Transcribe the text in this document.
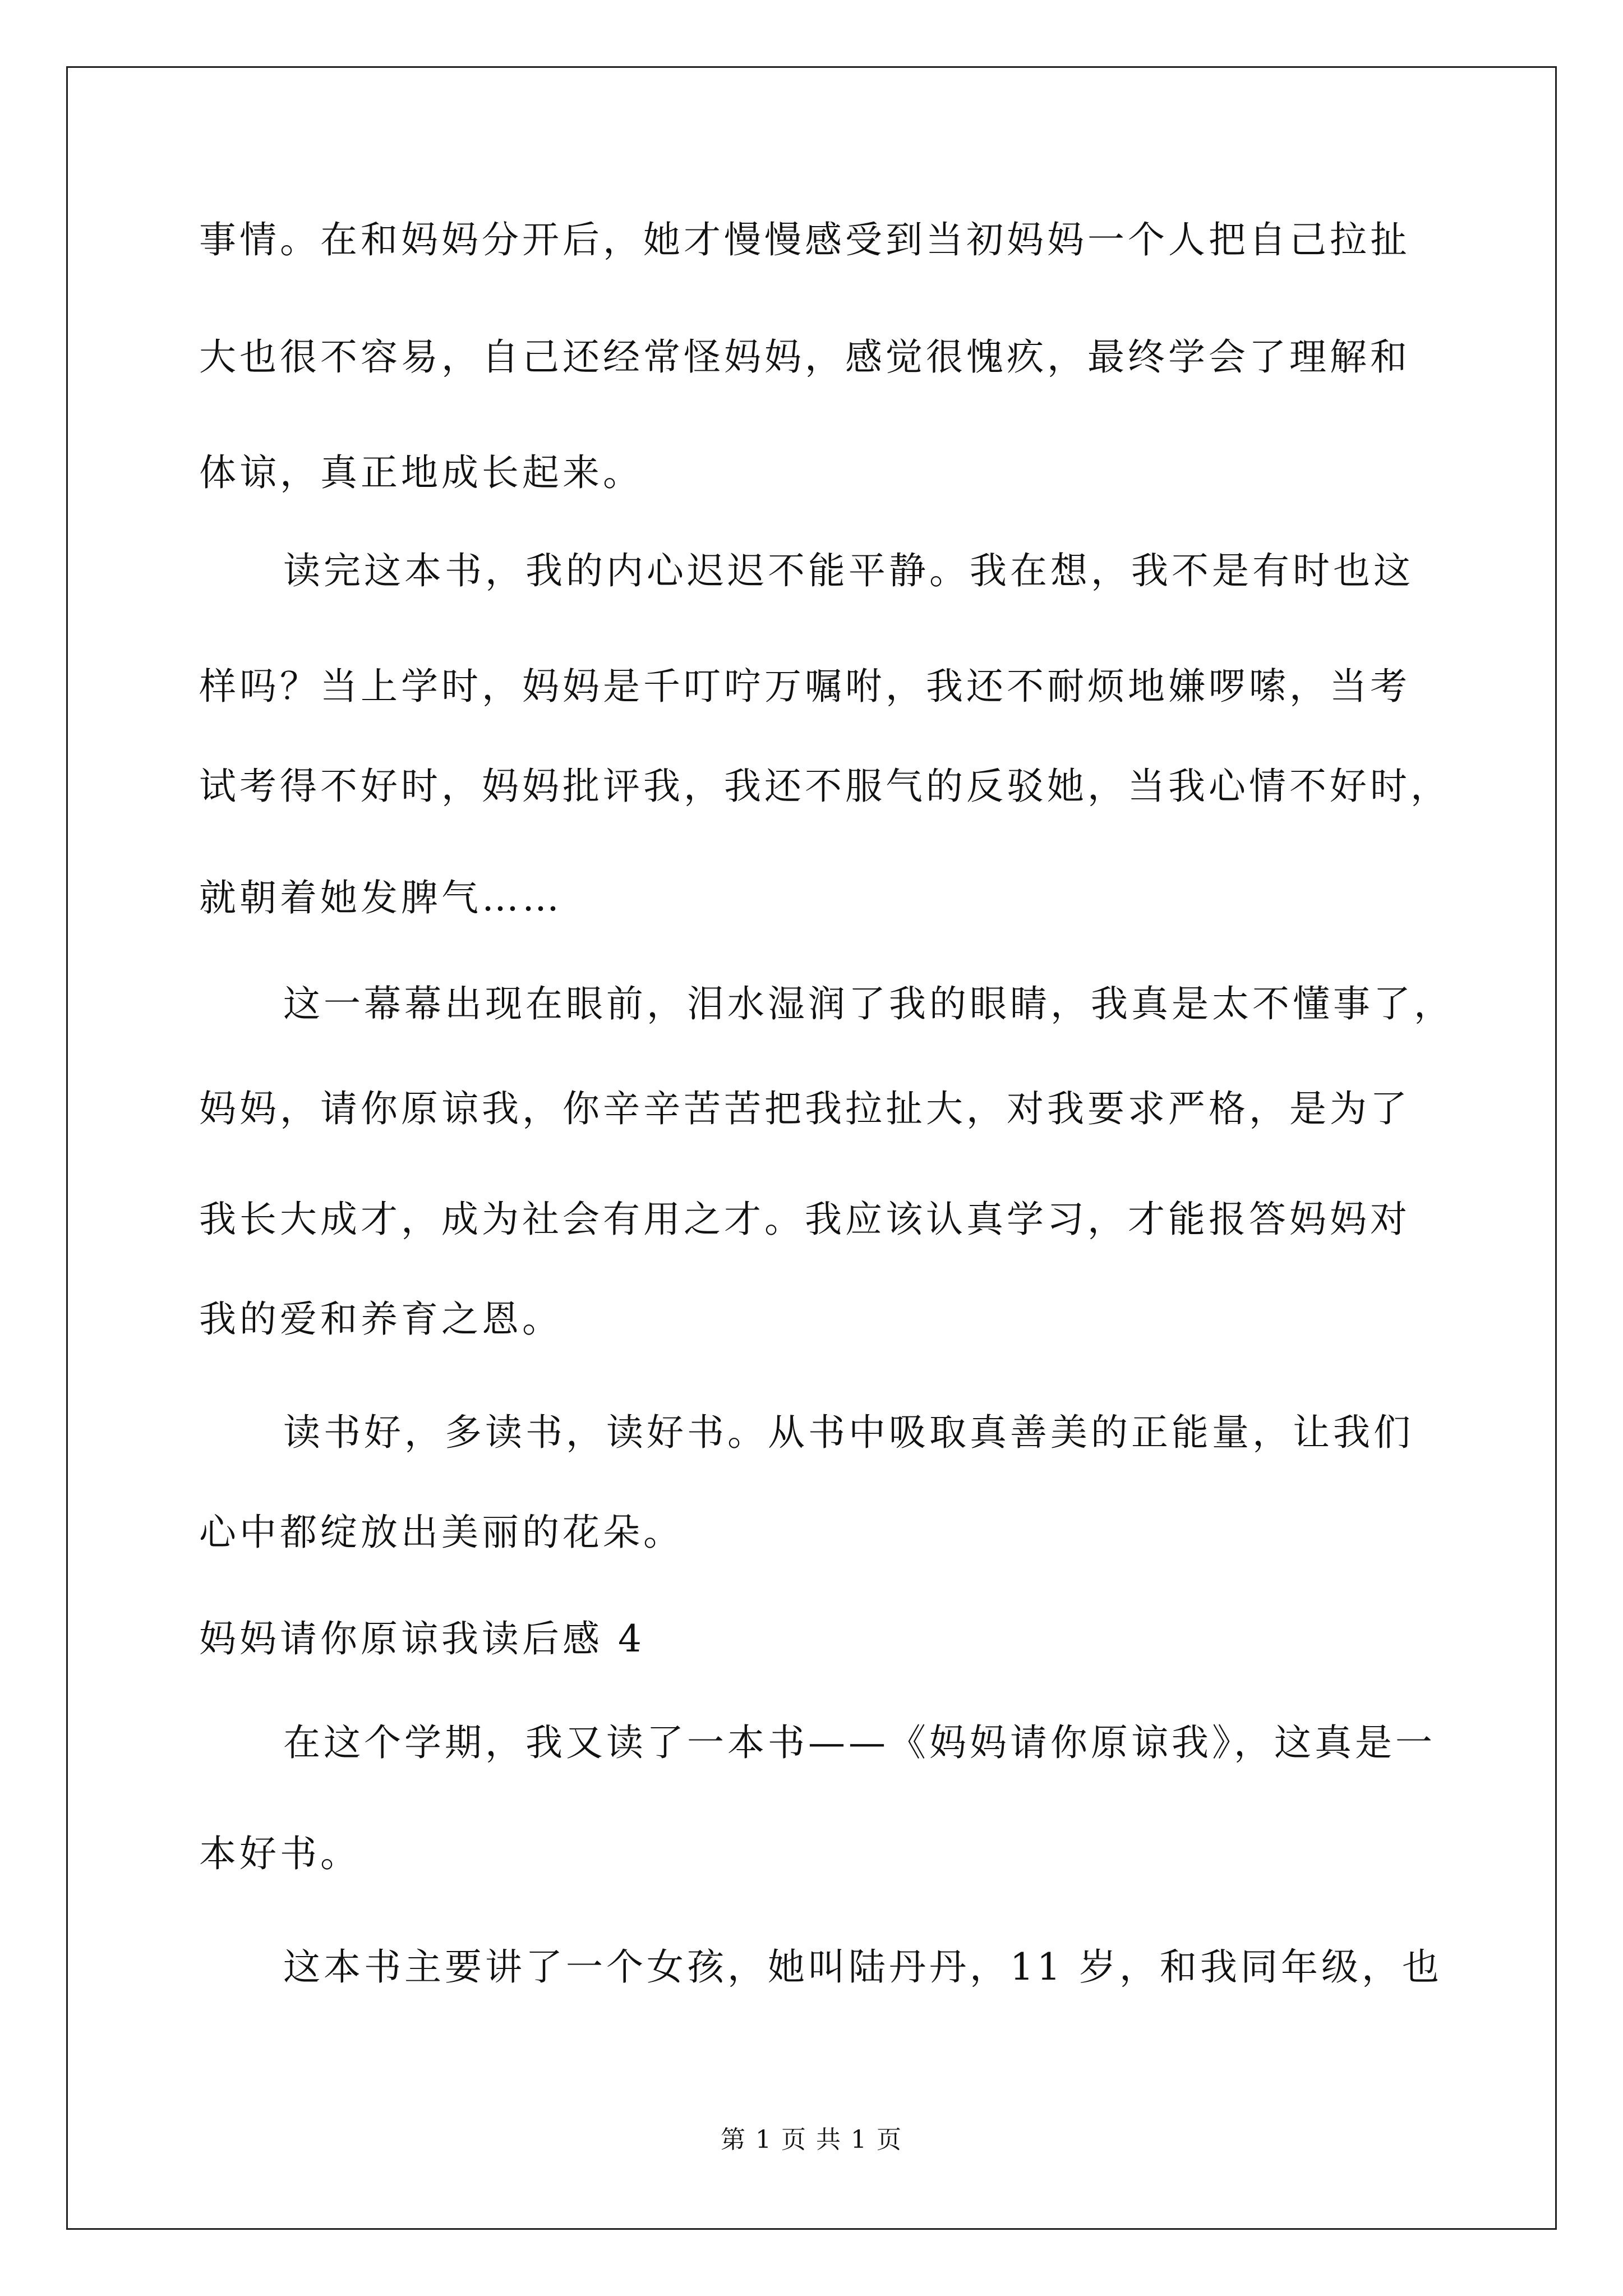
事情。在和妈妈分开后，她才慢慢感受到当初妈妈一个人把自己拉扯
大也很不容易，自己还经常怪妈妈，感觉很愧疚，最终学会了理解和
体谅，真正地成长起来。
读完这本书，我的内心迟迟不能平静。我在想，我不是有时也这
样吗？当上学时，妈妈是千叮咛万嘱咐，我还不耐烦地嫌啰嗦，当考
试考得不好时，妈妈批评我，我还不服气的反驳她，当我心情不好时，
就朝着她发脾气……
这一幕幕出现在眼前，泪水湿润了我的眼睛，我真是太不懂事了，
妈妈，请你原谅我，你辛辛苦苦把我拉扯大，对我要求严格，是为了
我长大成才，成为社会有用之才。我应该认真学习，才能报答妈妈对
我的爱和养育之恩。
读书好，多读书，读好书。从书中吸取真善美的正能量，让我们
心中都绽放出美丽的花朵。
妈妈请你原谅我读后感 4
在这个学期，我又读了一本书——《妈妈请你原谅我》，这真是一
本好书。
这本书主要讲了一个女孩，她叫陆丹丹，11 岁，和我同年级，也
第 1 页 共 1 页
